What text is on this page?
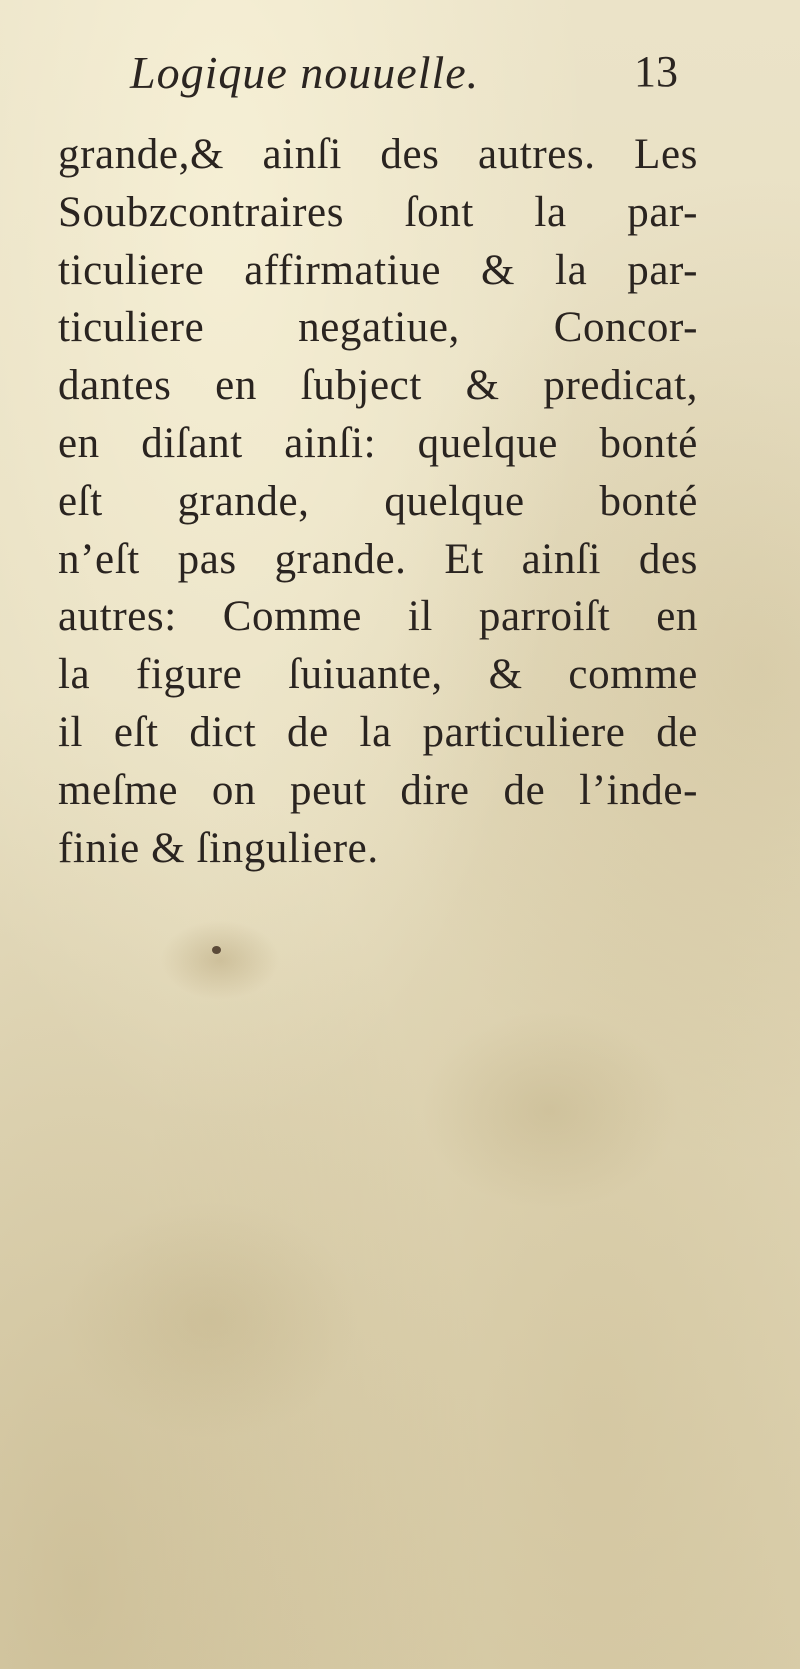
Logique nouuelle.	13
grande,& ainſi des autres. Les
Soubzcontraires ſont la par-
ticuliere affirmatiue & la par-
ticuliere negatiue, Concor-
dantes en ſubject & predicat,
en diſant ainſi: quelque bonté
eſt grande, quelque bonté
n’eſt pas grande. Et ainſi des
autres: Comme il parroiſt en
la figure ſuiuante, & comme
il eſt dict de la particuliere de
meſme on peut dire de l’inde-
finie & ſinguliere.
